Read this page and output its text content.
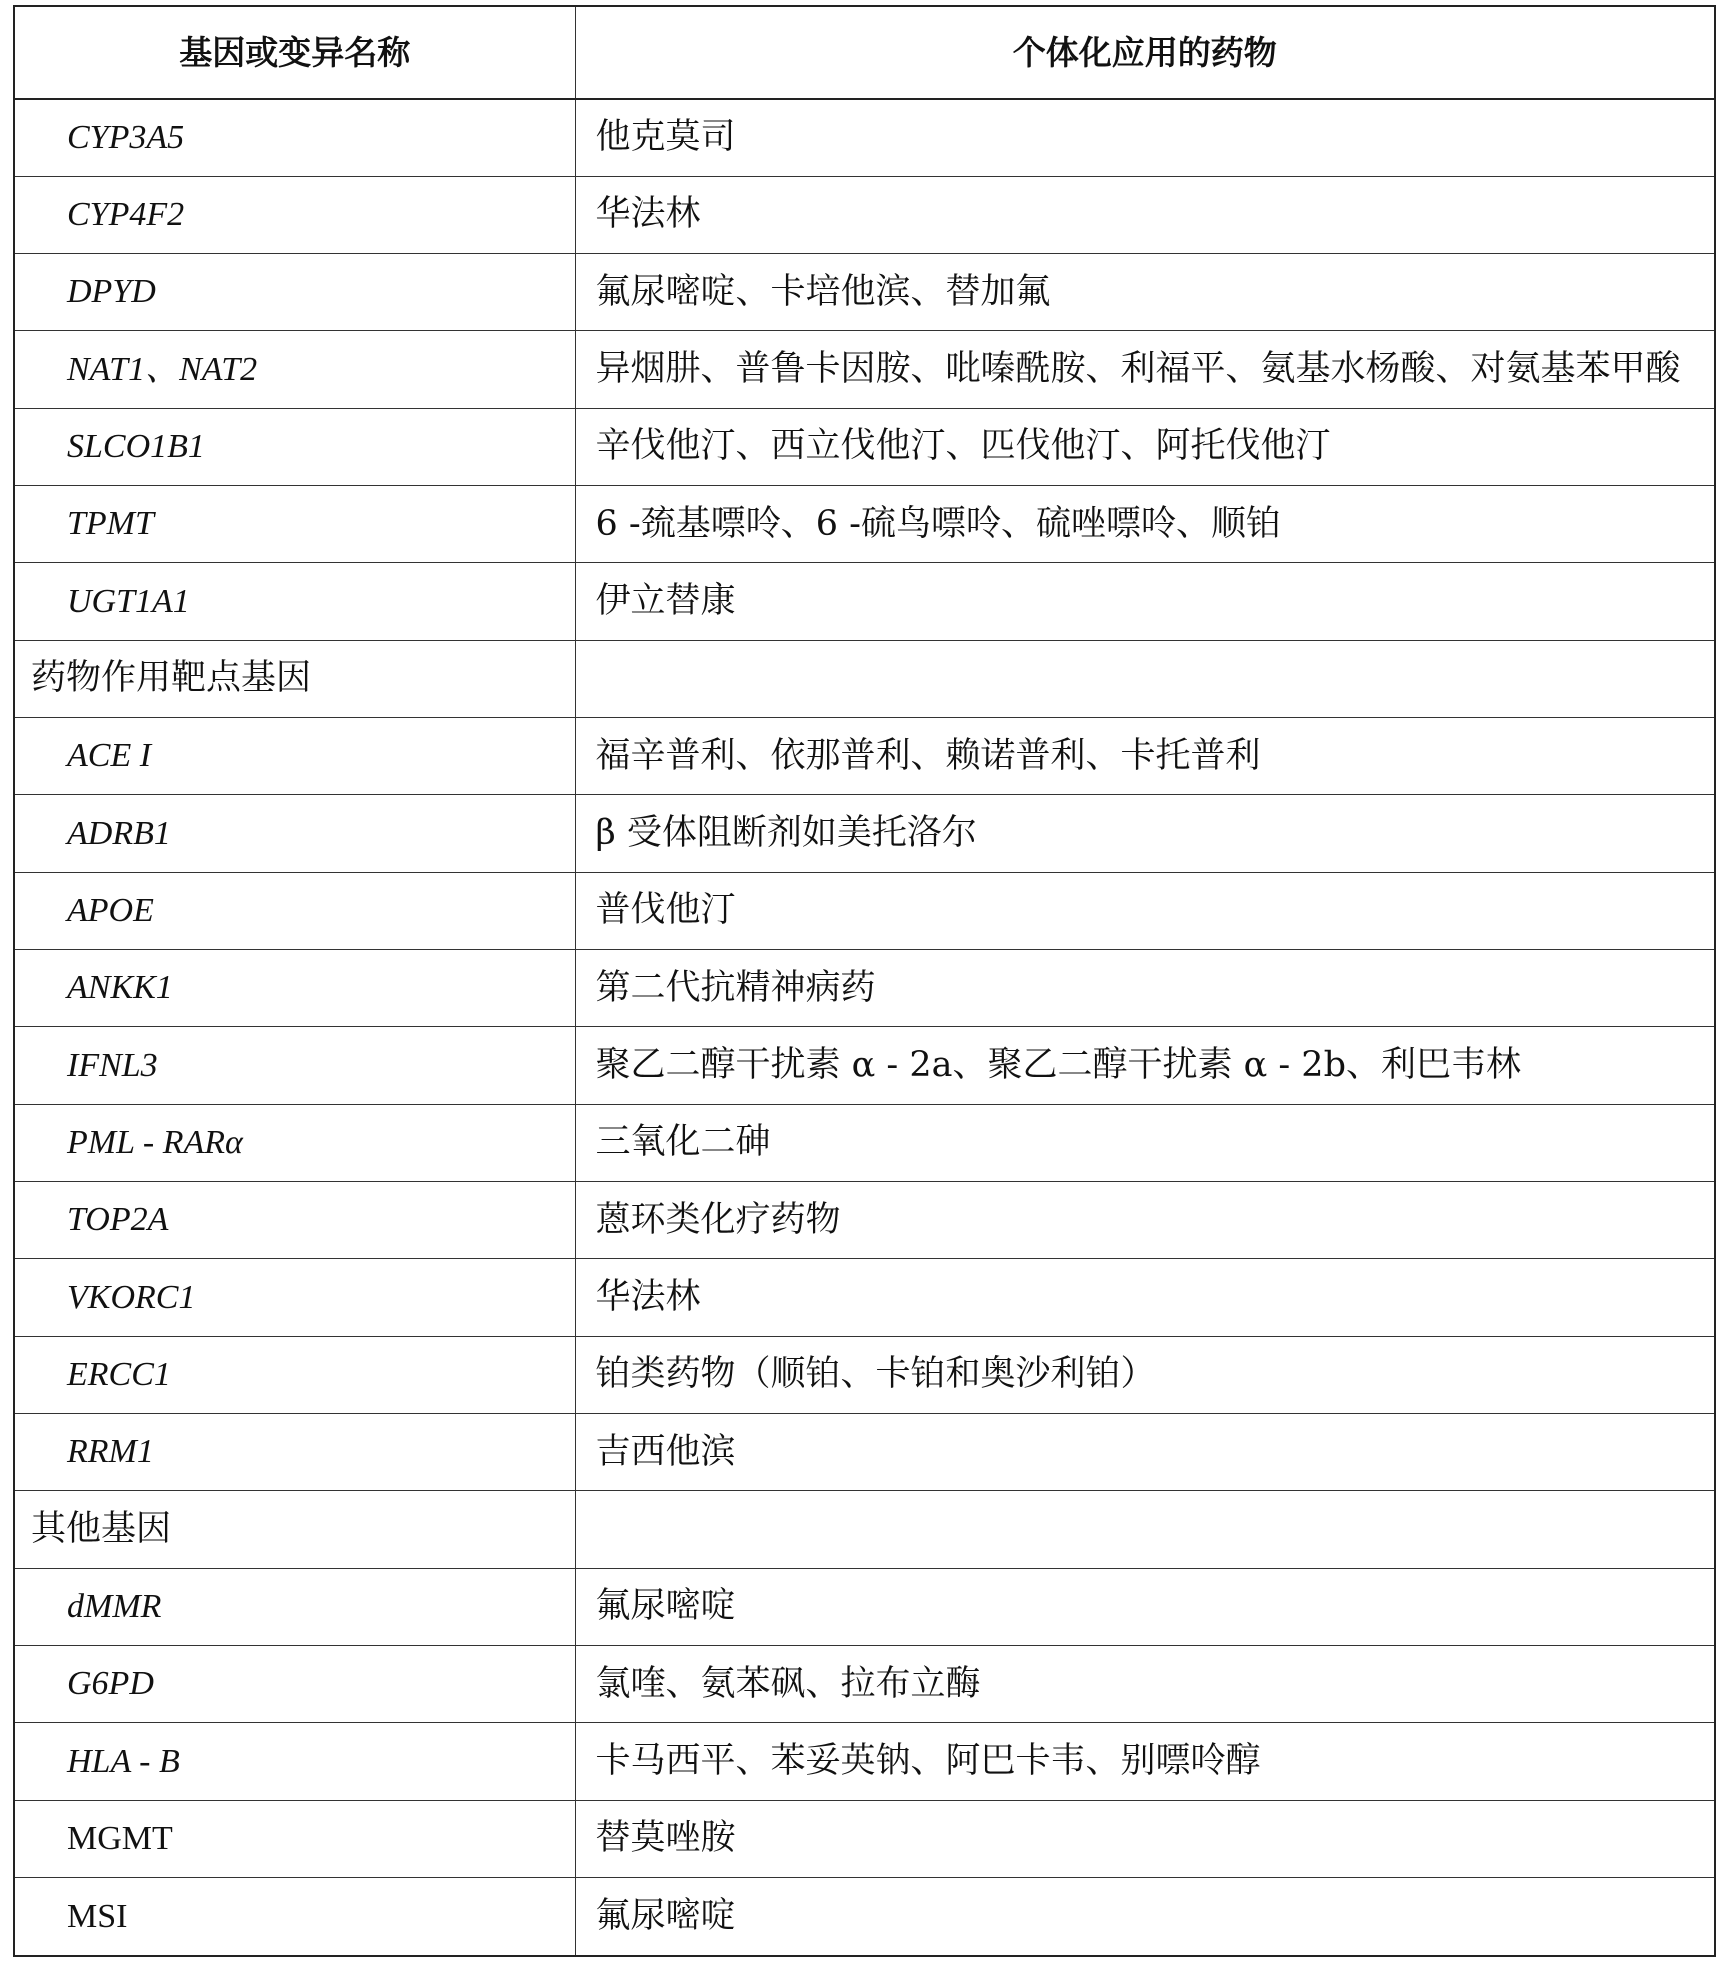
基因或变异名称	个体化应用的药物
CYP3A5	他克莫司
CYP4F2	华法林
DPYD	氟尿嘧啶、卡培他滨、替加氟
NAT1、NAT2	异烟肼、普鲁卡因胺、吡嗪酰胺、利福平、氨基水杨酸、对氨基苯甲酸
SLCO1B1	辛伐他汀、西立伐他汀、匹伐他汀、阿托伐他汀
TPMT	6 -巯基嘌呤、6 -硫鸟嘌呤、硫唑嘌呤、顺铂
UGT1A1	伊立替康
药物作用靶点基因	
ACE I	福辛普利、依那普利、赖诺普利、卡托普利
ADRB1	β 受体阻断剂如美托洛尔
APOE	普伐他汀
ANKK1	第二代抗精神病药
IFNL3	聚乙二醇干扰素 α - 2a、聚乙二醇干扰素 α - 2b、利巴韦林
PML - RARα	三氧化二砷
TOP2A	蒽环类化疗药物
VKORC1	华法林
ERCC1	铂类药物（顺铂、卡铂和奥沙利铂）
RRM1	吉西他滨
其他基因	
dMMR	氟尿嘧啶
G6PD	氯喹、氨苯砜、拉布立酶
HLA - B	卡马西平、苯妥英钠、阿巴卡韦、别嘌呤醇
MGMT	替莫唑胺
MSI	氟尿嘧啶
